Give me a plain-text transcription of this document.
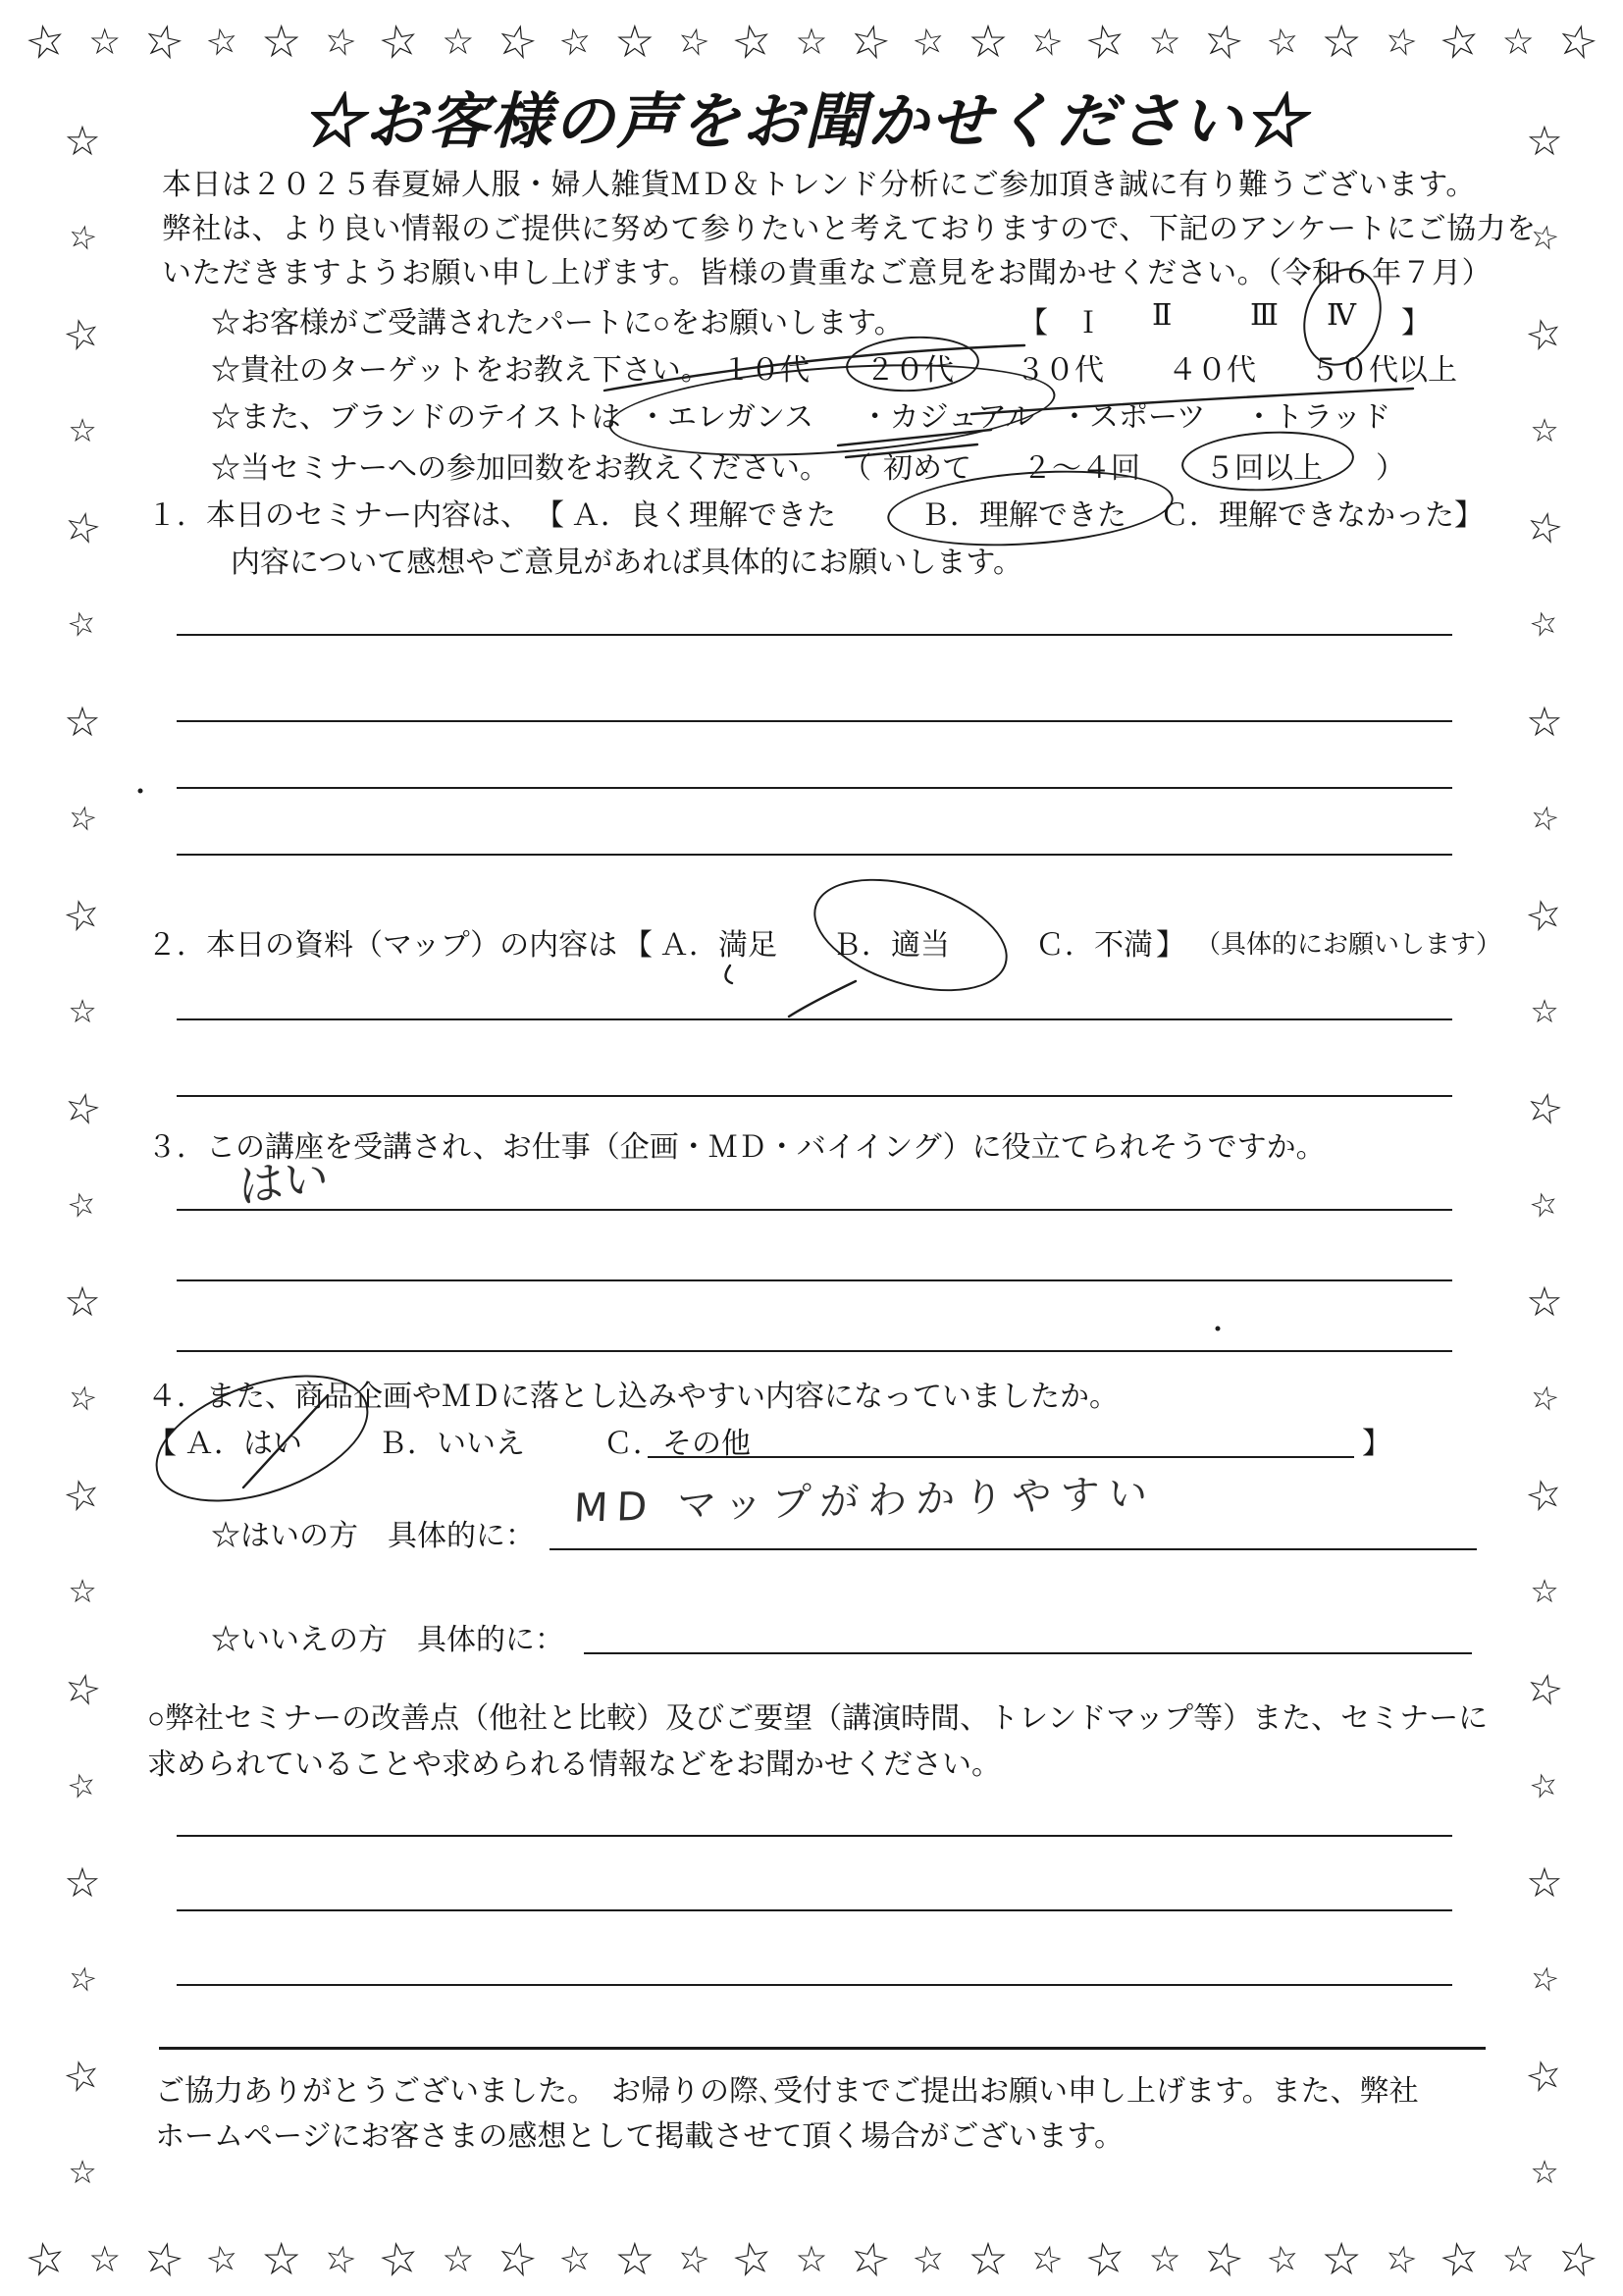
☆ ☆ ☆ ☆ ☆ ☆ ☆ ☆ ☆ ☆ ☆ ☆ ☆ ☆ ☆ ☆ ☆ ☆ ☆ ☆ ☆ ☆ ☆ ☆ ☆ ☆ ☆
☆ ☆ ☆ ☆ ☆ ☆ ☆ ☆ ☆ ☆ ☆ ☆ ☆ ☆ ☆ ☆ ☆ ☆ ☆ ☆ ☆ ☆ ☆ ☆ ☆ ☆ ☆
☆
☆
☆
☆
☆
☆
☆
☆
☆
☆
☆
☆
☆
☆
☆
☆
☆
☆
☆
☆
☆
☆
☆
☆
☆
☆
☆
☆
☆
☆
☆
☆
☆
☆
☆
☆
☆
☆
☆
☆
☆
☆
☆
☆
☆お客様の声をお聞かせください☆
本日は２０２５春夏婦人服・婦人雑貨ＭＤ＆トレンド分析にご参加頂き誠に有り難うございます。
弊社は、より良い情報のご提供に努めて参りたいと考えておりますので、下記のアンケートにご協力を
いただきますようお願い申し上げます。皆様の貴重なご意見をお聞かせください。（令和６年７月）
☆お客様がご受講されたパートに○をお願いします。	【 Ｉ Ⅱ	Ⅲ Ⅳ 】
☆貴社のターゲットをお教え下さい。 １０代 ２０代 ３０代 ４０代 ５０代以上
☆また、ブランドのテイストは ・エレガンス ・カジュアル ・スポーツ ・トラッド
☆当セミナーへの参加回数をお教えください。 （ 初めて ２～４回 ５回以上 ）
１．本日のセミナー内容は、 【 Ａ．良く理解できた	Ｂ．理解できた Ｃ．理解できなかった 】
内容について感想やご意見があれば具体的にお願いします。
２．本日の資料（マップ）の内容は 【 Ａ．満足 Ｂ．適当	Ｃ．不満 】 （具体的にお願いします）
３．この講座を受講され、お仕事（企画・ＭＤ・バイイング）に役立てられそうですか。
はい
４．また、商品企画やＭＤに落とし込みやすい内容になっていましたか。
【 Ａ．はい	Ｂ．いいえ	Ｃ．その他	】
☆はいの方　具体的に：
MD マップがわかりやすい
☆いいえの方　具体的に：
○弊社セミナーの改善点（他社と比較）及びご要望（講演時間、トレンドマップ等）また、セミナーに
求められていることや求められる情報などをお聞かせください。
ご協力ありがとうございました。　お帰りの際､受付までご提出お願い申し上げます。また、弊社
ホームページにお客さまの感想として掲載させて頂く場合がございます。
